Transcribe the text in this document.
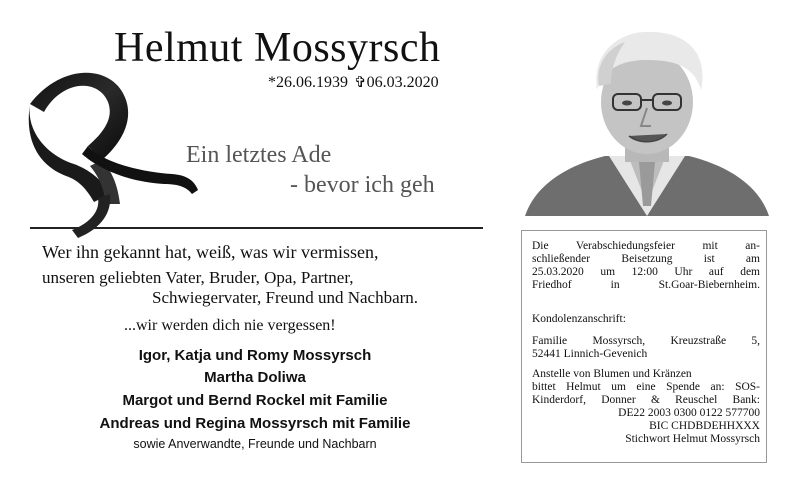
Helmut Mossyrsch
*26.06.1939 ✞06.03.2020
Ein letztes Ade
- bevor ich geh
Wer ihn gekannt hat, weiß, was wir vermissen,
unseren geliebten Vater, Bruder, Opa, Partner,
Schwiegervater, Freund und Nachbarn.
...wir werden dich nie vergessen!
Igor, Katja und Romy Mossyrsch
Martha Doliwa
Margot und Bernd Rockel mit Familie
Andreas und Regina Mossyrsch mit Familie
sowie Anverwandte, Freunde und Nachbarn
Die Verabschiedungsfeier mit an-
schließender Beisetzung ist am
25.03.2020 um 12:00 Uhr auf dem
Friedhof in St.Goar-Biebernheim.
Kondolenzanschrift:
Familie Mossyrsch, Kreuzstraße 5,
52441 Linnich-Gevenich
Anstelle von Blumen und Kränzen
bittet Helmut um eine Spende an: SOS-
Kinderdorf, Donner & Reuschel Bank:
DE22 2003 0300 0122 577700
BIC CHDBDEHHXXX
Stichwort Helmut Mossyrsch
